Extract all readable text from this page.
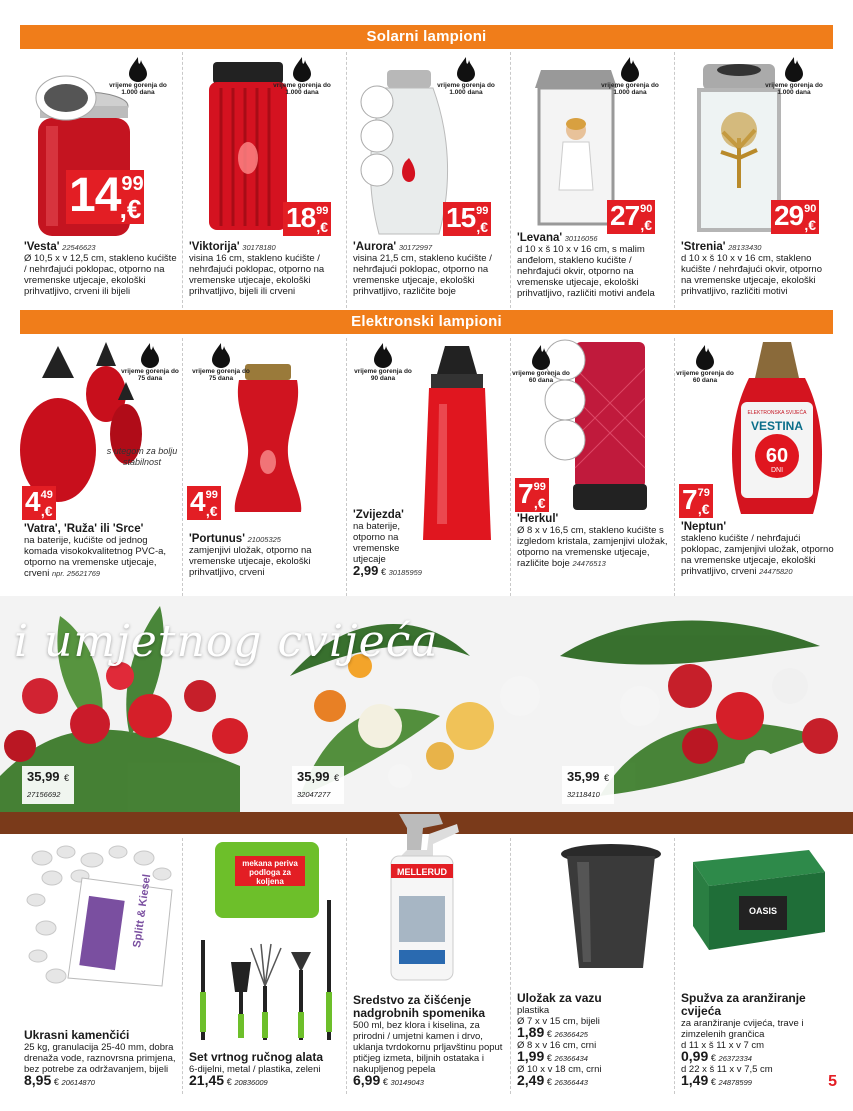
Solarni lampioni
vrijeme gorenja do 1.000 dana
14 99
,€
'Vesta' 22546623
Ø 10,5 x v 12,5 cm, stakleno kućište / nehrđajući poklopac, otporno na vremenske utjecaje, ekološki prihvatljivo, crveni ili bijeli
vrijeme gorenja do 1.000 dana
18 99
,€
'Viktorija' 30178180
visina 16 cm, stakleno kućište / nehrđajući poklopac, otporno na vremenske utjecaje, ekološki prihvatljivo, bijeli ili crveni
vrijeme gorenja do 1.000 dana
15 99
,€
'Aurora' 30172997
visina 21,5 cm, stakleno kućište / nehrđajući poklopac, otporno na vremenske utjecaje, ekološki prihvatljivo, različite boje
vrijeme gorenja do 1.000 dana
27 90
,€
'Levana' 30116056
d 10 x š 10 x v 16 cm, s malim anđelom, stakleno kućište / nehrđajući okvir, otporno na vremenske utjecaje, ekološki prihvatljivo, različiti motivi anđela
vrijeme gorenja do 1.000 dana
29 90
,€
'Strenia' 28133430
d 10 x š 10 x v 16 cm, stakleno kućište / nehrđajući okvir, otporno na vremenske utjecaje, ekološki prihvatljivo, različiti motivi
Elektronski lampioni
vrijeme gorenja do 75 dana
s utegom za bolju stabilnost
4 49
,€
'Vatra', 'Ruža' ili 'Srce'
na baterije, kućište od jednog komada visokokvalitetnog PVC-a, otporno na vremenske utjecaje, crveni npr. 25621769
vrijeme gorenja do 75 dana
4 99
,€
'Portunus' 21005325
zamjenjivi uložak, otporno na vremenske utjecaje, ekološki prihvatljivo, crveni
vrijeme gorenja do 90 dana
'Zvijezda'
na baterije, otporno na vremenske utjecaje
2,99 € 30185959
vrijeme gorenja do 60 dana
7 99
,€
'Herkul'
Ø 8 x v 16,5 cm, stakleno kućište s izgledom kristala, zamjenjivi uložak, otporno na vremenske utjecaje, različite boje 24476513
ELEKTRONSKA SVIJEĆA
VESTINA
60
DNI
vrijeme gorenja do 60 dana
7 79
,€
'Neptun'
stakleno kućište / nehrđajući poklopac, zamjenjivi uložak, otporno na vremenske utjecaje, ekološki prihvatljivo, crveni 24475820
i umjetnog cvijeća
35,99 €
27156692
35,99 €
32047277
35,99 €
32118410
Splitt & Kiesel
Ukrasni kamenčići
25 kg, granulacija 25-40 mm, dobra drenaža vode, raznovrsna primjena, bez potrebe za održavanjem, bijeli
8,95 € 20614870
mekana periva podloga za koljena
Set vrtnog ručnog alata
6-dijelni, metal / plastika, zeleni
21,45 € 20836009
MELLERUD
Sredstvo za čišćenje nadgrobnih spomenika
500 ml, bez klora i kiselina, za prirodni / umjetni kamen i drvo, uklanja tvrdokornu prljavštinu poput ptičjeg izmeta, biljnih ostataka i nakupljenog pepela
6,99 € 30149043
Uložak za vazu
plastika
Ø 7 x v 15 cm, bijeli
1,89 € 26366425
Ø 8 x v 16 cm, crni
1,99 € 26366434
Ø 10 x v 18 cm, crni
2,49 € 26366443
OASIS
Spužva za aranžiranje cvijeća
za aranžiranje cvijeća, trave i zimzelenih grančica
d 11 x š 11 x v 7 cm
0,99 € 26372334
d 22 x š 11 x v 7,5 cm
1,49 € 24878599	5
